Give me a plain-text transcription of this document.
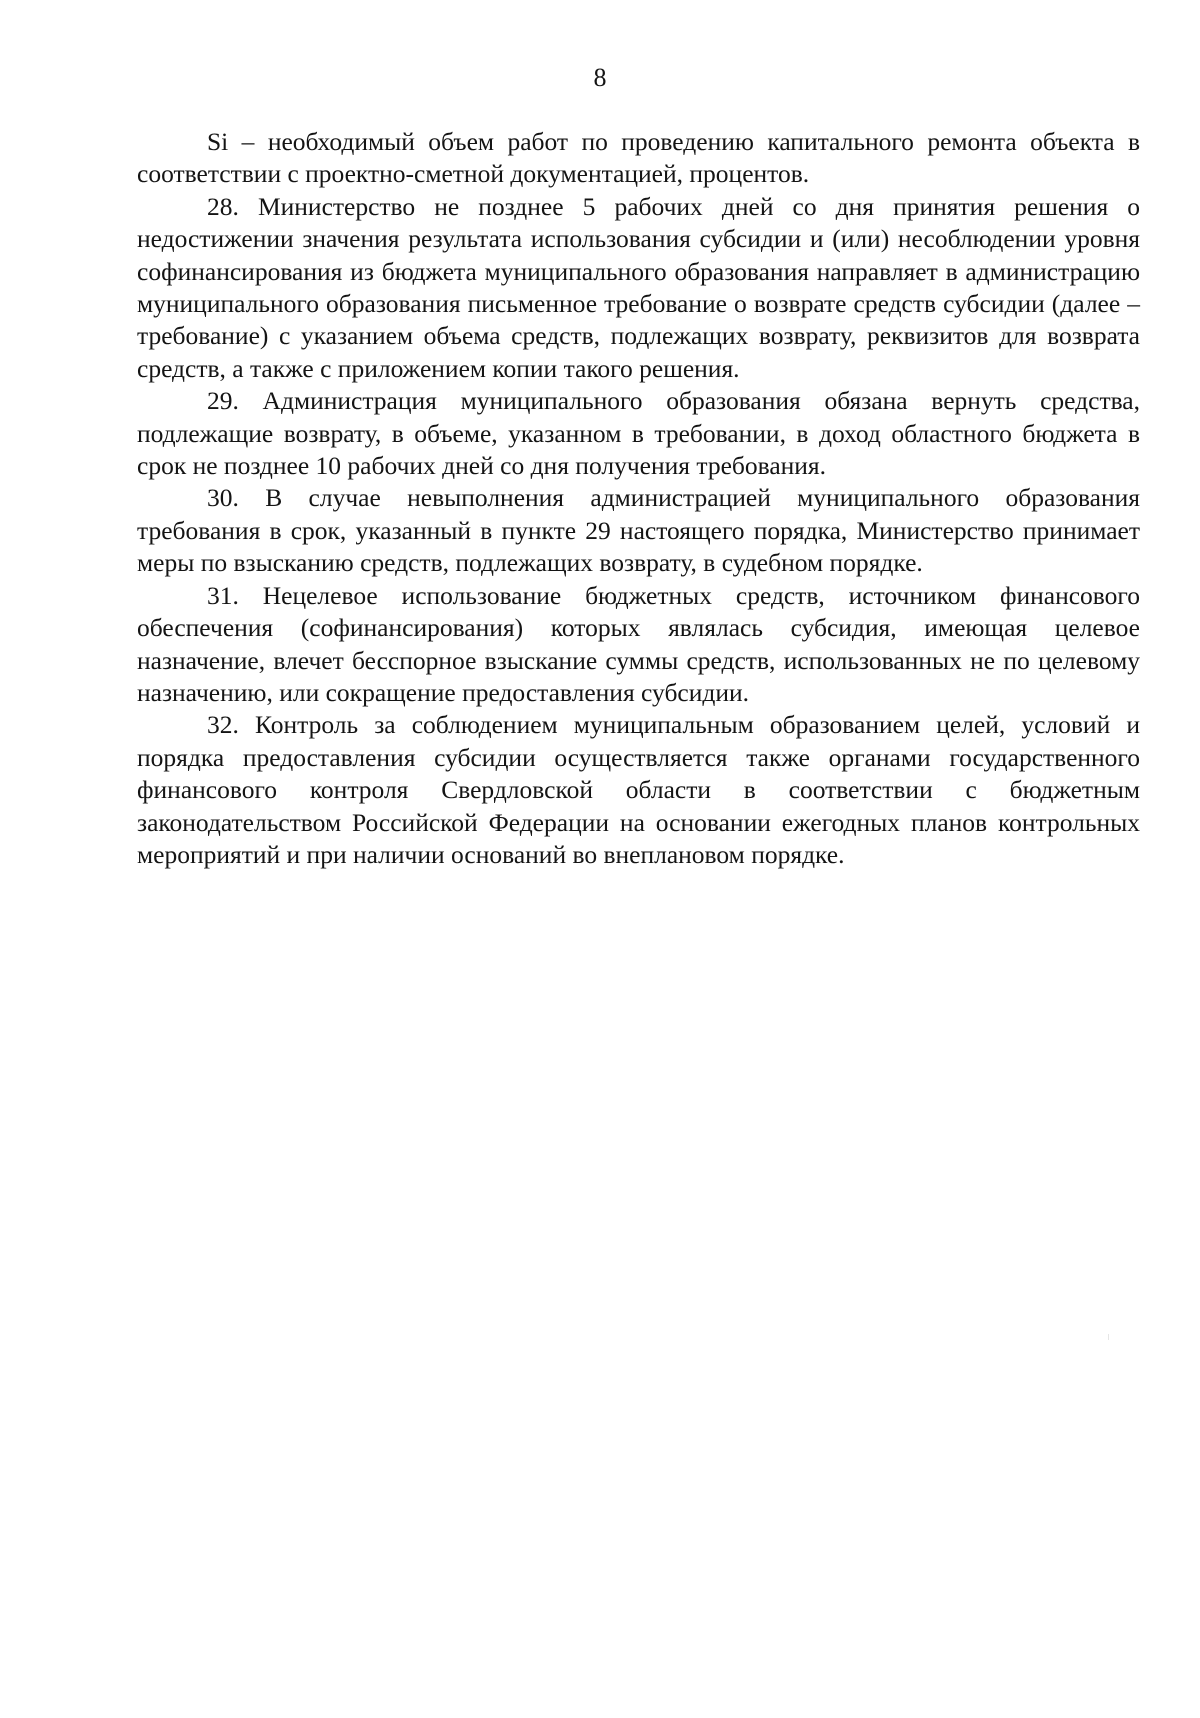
8

Si – необходимый объем работ по проведению капитального ремонта объекта в соответствии с проектно-сметной документацией, процентов.

28. Министерство не позднее 5 рабочих дней со дня принятия решения о недостижении значения результата использования субсидии и (или) несоблюдении уровня софинансирования из бюджета муниципального образования направляет в администрацию муниципального образования письменное требование о возврате средств субсидии (далее – требование) с указанием объема средств, подлежащих возврату, реквизитов для возврата средств, а также с приложением копии такого решения.

29. Администрация муниципального образования обязана вернуть средства, подлежащие возврату, в объеме, указанном в требовании, в доход областного бюджета в срок не позднее 10 рабочих дней со дня получения требования.

30. В случае невыполнения администрацией муниципального образования требования в срок, указанный в пункте 29 настоящего порядка, Министерство принимает меры по взысканию средств, подлежащих возврату, в судебном порядке.

31. Нецелевое использование бюджетных средств, источником финансового обеспечения (софинансирования) которых являлась субсидия, имеющая целевое назначение, влечет бесспорное взыскание суммы средств, использованных не по целевому назначению, или сокращение предоставления субсидии.

32. Контроль за соблюдением муниципальным образованием целей, условий и порядка предоставления субсидии осуществляется также органами государственного финансового контроля Свердловской области в соответствии с бюджетным законодательством Российской Федерации на основании ежегодных планов контрольных мероприятий и при наличии оснований во внеплановом порядке.
